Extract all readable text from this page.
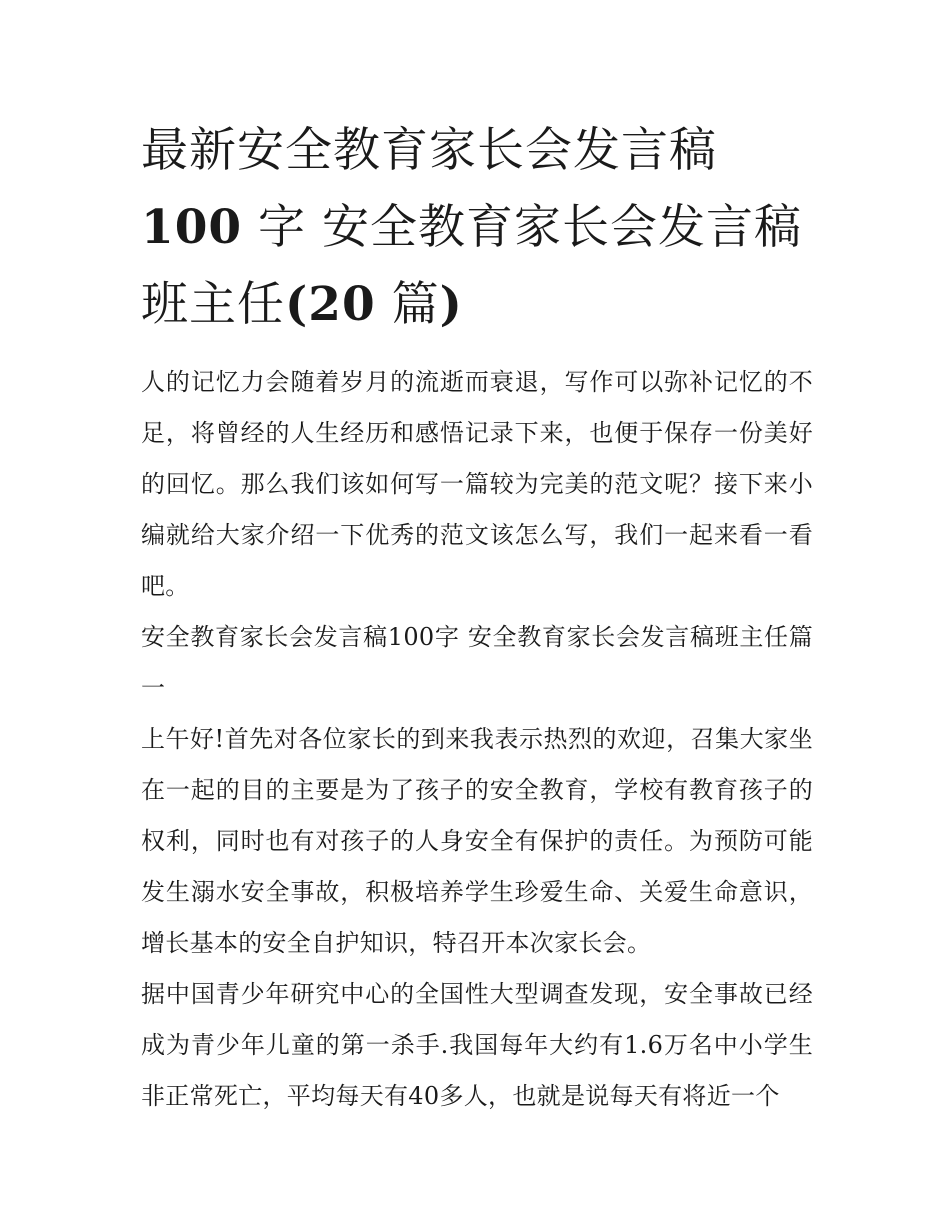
最新安全教育家长会发言稿
100 字 安全教育家长会发言稿班主任(20 篇)

人的记忆力会随着岁月的流逝而衰退，写作可以弥补记忆的不足，将曾经的人生经历和感悟记录下来，也便于保存一份美好的回忆。那么我们该如何写一篇较为完美的范文呢？接下来小编就给大家介绍一下优秀的范文该怎么写，我们一起来看一看吧。

安全教育家长会发言稿100字 安全教育家长会发言稿班主任篇一

上午好!首先对各位家长的到来我表示热烈的欢迎，召集大家坐在一起的目的主要是为了孩子的安全教育，学校有教育孩子的权利，同时也有对孩子的人身安全有保护的责任。为预防可能发生溺水安全事故，积极培养学生珍爱生命、关爱生命意识，增长基本的安全自护知识，特召开本次家长会。

据中国青少年研究中心的全国性大型调查发现，安全事故已经成为青少年儿童的第一杀手.我国每年大约有1.6万名中小学生非正常死亡，平均每天有40多人，也就是说每天有将近一个
